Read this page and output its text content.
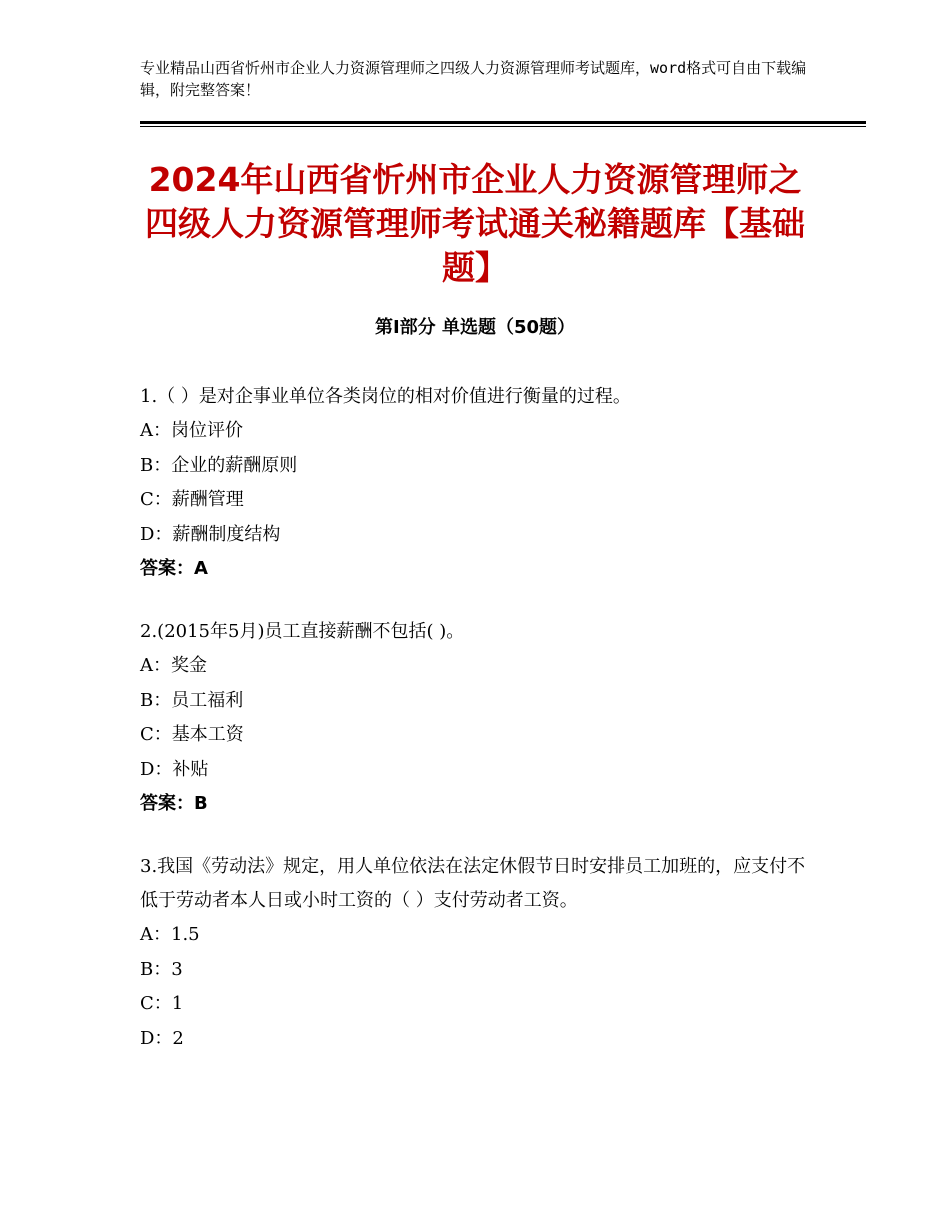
专业精品山西省忻州市企业人力资源管理师之四级人力资源管理师考试题库，word格式可自由下载编辑，附完整答案！
2024年山西省忻州市企业人力资源管理师之四级人力资源管理师考试通关秘籍题库【基础题】
第Ⅰ部分 单选题（50题）

1.（ ）是对企事业单位各类岗位的相对价值进行衡量的过程。

A：岗位评价

B：企业的薪酬原则

C：薪酬管理

D：薪酬制度结构

答案：A

2.(2015年5月)员工直接薪酬不包括( )。

A：奖金

B：员工福利

C：基本工资

D：补贴

答案：B

3.我国《劳动法》规定，用人单位依法在法定休假节日时安排员工加班的，应支付不低于劳动者本人日或小时工资的（ ）支付劳动者工资。

A：1.5

B：3

C：1

D：2
